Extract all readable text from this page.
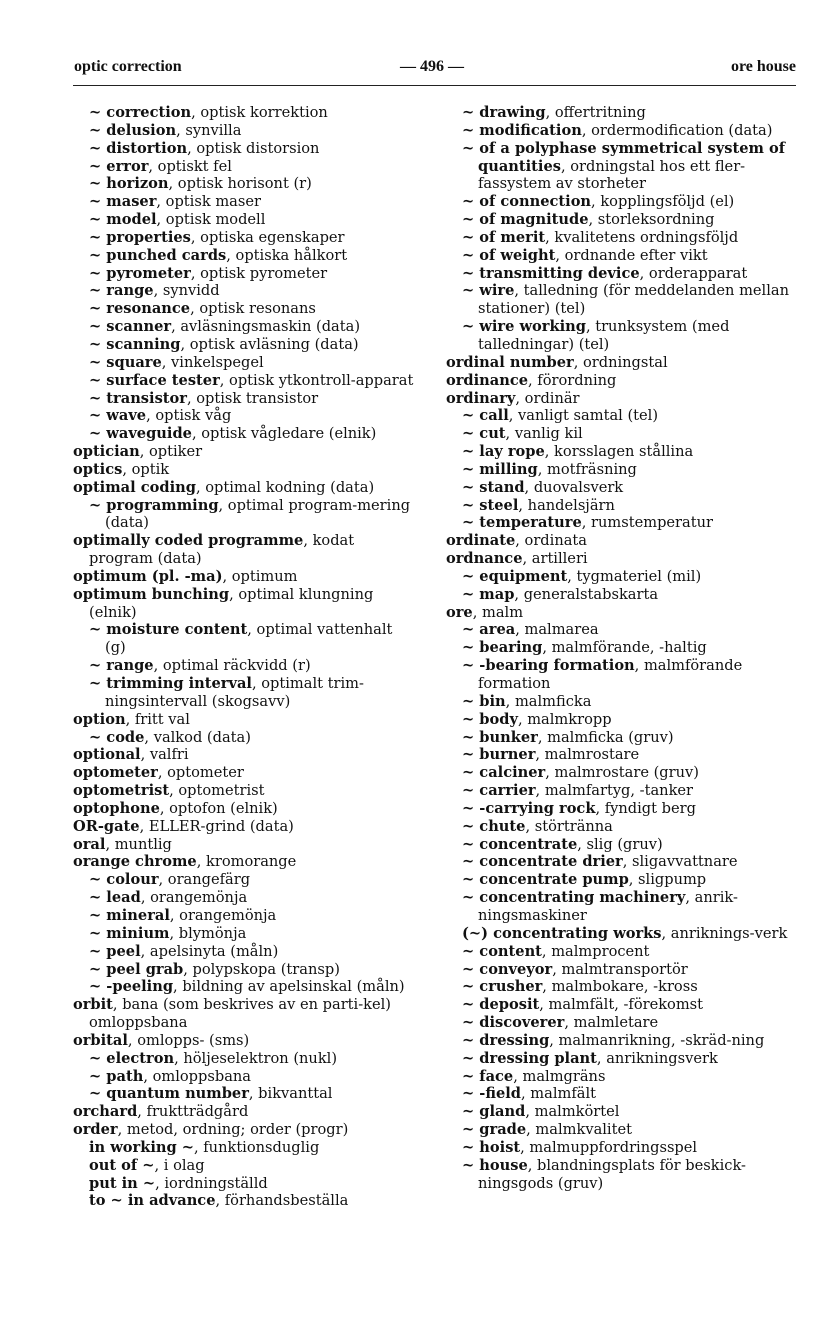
optic correction	— 496 —	ore house
~ correction, optisk korrektion
~ delusion, synvilla
~ distortion, optisk distorsion
~ error, optiskt fel
~ horizon, optisk horisont (r)
~ maser, optisk maser
~ model, optisk modell
~ properties, optiska egenskaper
~ punched cards, optiska hålkort
~ pyrometer, optisk pyrometer
~ range, synvidd
~ resonance, optisk resonans
~ scanner, avläsningsmaskin (data)
~ scanning, optisk avläsning (data)
~ square, vinkelspegel
~ surface tester, optisk ytkontroll-apparat
~ transistor, optisk transistor
~ wave, optisk våg
~ waveguide, optisk vågledare (elnik)
optician, optiker
optics, optik
optimal coding, optimal kodning (data)
~ programming, optimal program-mering (data)
optimally coded programme, kodat program (data)
optimum (pl. -ma), optimum
optimum bunching, optimal klungning (elnik)
~ moisture content, optimal vattenhalt (g)
~ range, optimal räckvidd (r)
~ trimming interval, optimalt trim-ningsintervall (skogsavv)
option, fritt val
~ code, valkod (data)
optional, valfri
optometer, optometer
optometrist, optometrist
optophone, optofon (elnik)
OR-gate, ELLER-grind (data)
oral, muntlig
orange chrome, kromorange
~ colour, orangefärg
~ lead, orangemönja
~ mineral, orangemönja
~ minium, blymönja
~ peel, apelsinyta (måln)
~ peel grab, polypskopa (transp)
~ -peeling, bildning av apelsinskal (måln)
orbit, bana (som beskrives av en parti-kel) omloppsbana
orbital, omlopps- (sms)
~ electron, höljeselektron (nukl)
~ path, omloppsbana
~ quantum number, bikvanttal
orchard, fruktträdgård
order, metod, ordning; order (progr)
in working ~, funktionsduglig
out of ~, i olag
put in ~, iordningställd
to ~ in advance, förhandsbeställa
~ drawing, offertritning
~ modification, ordermodification (data)
~ of a polyphase symmetrical system of quantities, ordningstal hos ett fler-fassystem av storheter
~ of connection, kopplingsföljd (el)
~ of magnitude, storleksordning
~ of merit, kvalitetens ordningsföljd
~ of weight, ordnande efter vikt
~ transmitting device, orderapparat
~ wire, talledning (för meddelanden mellan stationer) (tel)
~ wire working, trunksystem (med talledningar) (tel)
ordinal number, ordningstal
ordinance, förordning
ordinary, ordinär
~ call, vanligt samtal (tel)
~ cut, vanlig kil
~ lay rope, korsslagen stållina
~ milling, motfräsning
~ stand, duovalsverk
~ steel, handelsjärn
~ temperature, rumstemperatur
ordinate, ordinata
ordnance, artilleri
~ equipment, tygmateriel (mil)
~ map, generalstabskarta
ore, malm
~ area, malmarea
~ bearing, malmförande, -haltig
~ -bearing formation, malmförande formation
~ bin, malmficka
~ body, malmkropp
~ bunker, malmficka (gruv)
~ burner, malmrostare
~ calciner, malmrostare (gruv)
~ carrier, malmfartyg, -tanker
~ -carrying rock, fyndigt berg
~ chute, störtränna
~ concentrate, slig (gruv)
~ concentrate drier, sligavvattnare
~ concentrate pump, sligpump
~ concentrating machinery, anrik-ningsmaskiner
(~) concentrating works, anriknings-verk
~ content, malmprocent
~ conveyor, malmtransportör
~ crusher, malmbokare, -kross
~ deposit, malmfält, -förekomst
~ discoverer, malmletare
~ dressing, malmanrikning, -skräd-ning
~ dressing plant, anrikningsverk
~ face, malmgräns
~ -field, malmfält
~ gland, malmkörtel
~ grade, malmkvalitet
~ hoist, malmuppfordringsspel
~ house, blandningsplats för beskick-ningsgods (gruv)
